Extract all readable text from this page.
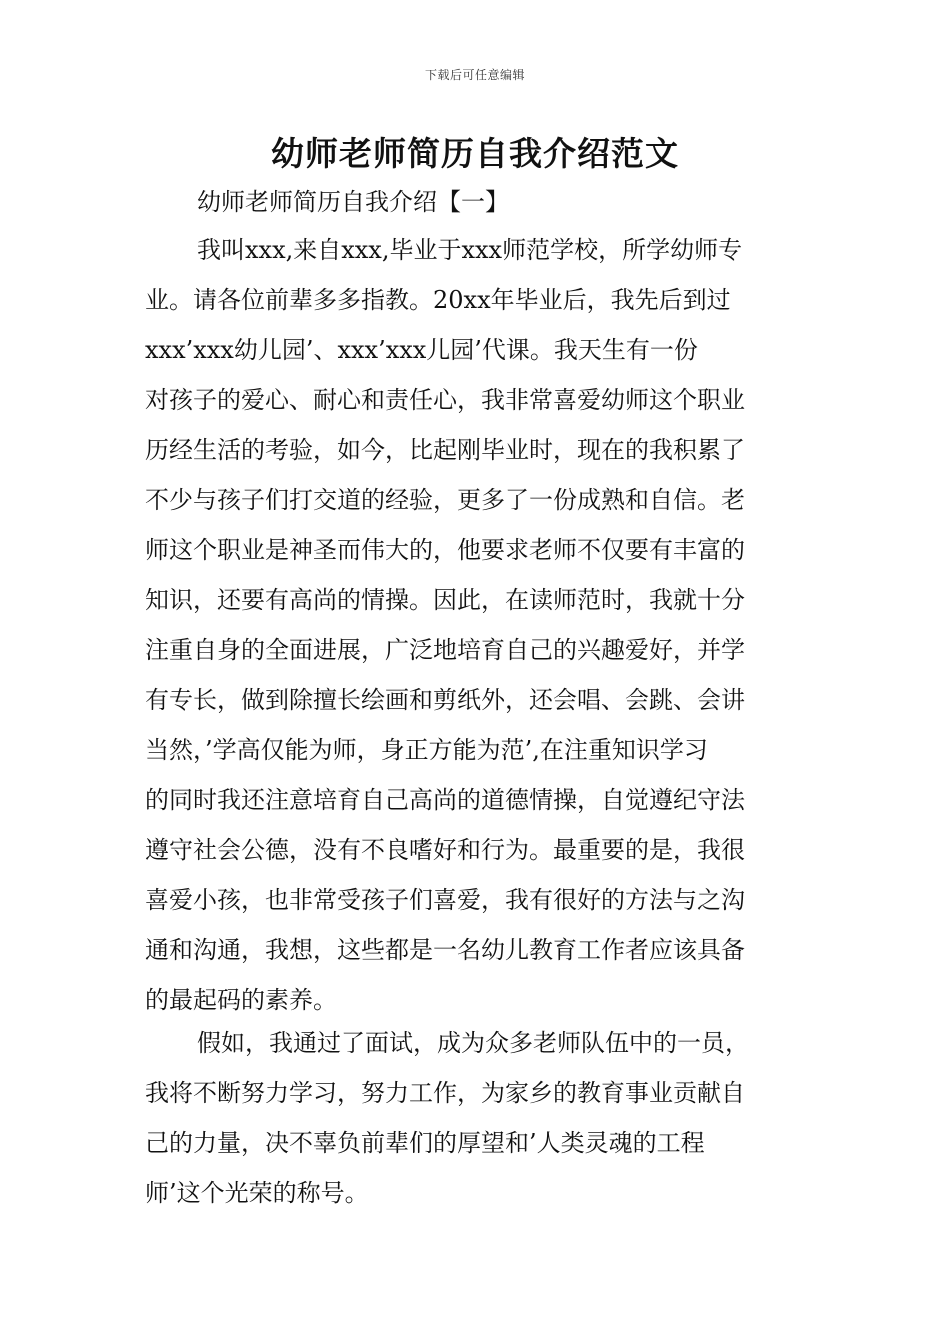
下载后可任意编辑
幼师老师简历自我介绍范文
幼师老师简历自我介绍【一】
我叫xxx,来自xxx,毕业于xxx师范学校，所学幼师专
业。请各位前辈多多指教。20xx年毕业后，我先后到过
xxx’xxx幼儿园’、xxx’xxx儿园’代课。我天生有一份
对孩子的爱心、耐心和责任心，我非常喜爱幼师这个职业
历经生活的考验，如今，比起刚毕业时，现在的我积累了
不少与孩子们打交道的经验，更多了一份成熟和自信。老
师这个职业是神圣而伟大的，他要求老师不仅要有丰富的
知识，还要有高尚的情操。因此，在读师范时，我就十分
注重自身的全面进展，广泛地培育自己的兴趣爱好，并学
有专长，做到除擅长绘画和剪纸外，还会唱、会跳、会讲
当然，’学高仅能为师，身正方能为范’,在注重知识学习
的同时我还注意培育自己高尚的道德情操，自觉遵纪守法
遵守社会公德，没有不良嗜好和行为。最重要的是，我很
喜爱小孩，也非常受孩子们喜爱，我有很好的方法与之沟
通和沟通，我想，这些都是一名幼儿教育工作者应该具备
的最起码的素养。
假如，我通过了面试，成为众多老师队伍中的一员，
我将不断努力学习，努力工作，为家乡的教育事业贡献自
己的力量，决不辜负前辈们的厚望和’人类灵魂的工程
师’这个光荣的称号。
